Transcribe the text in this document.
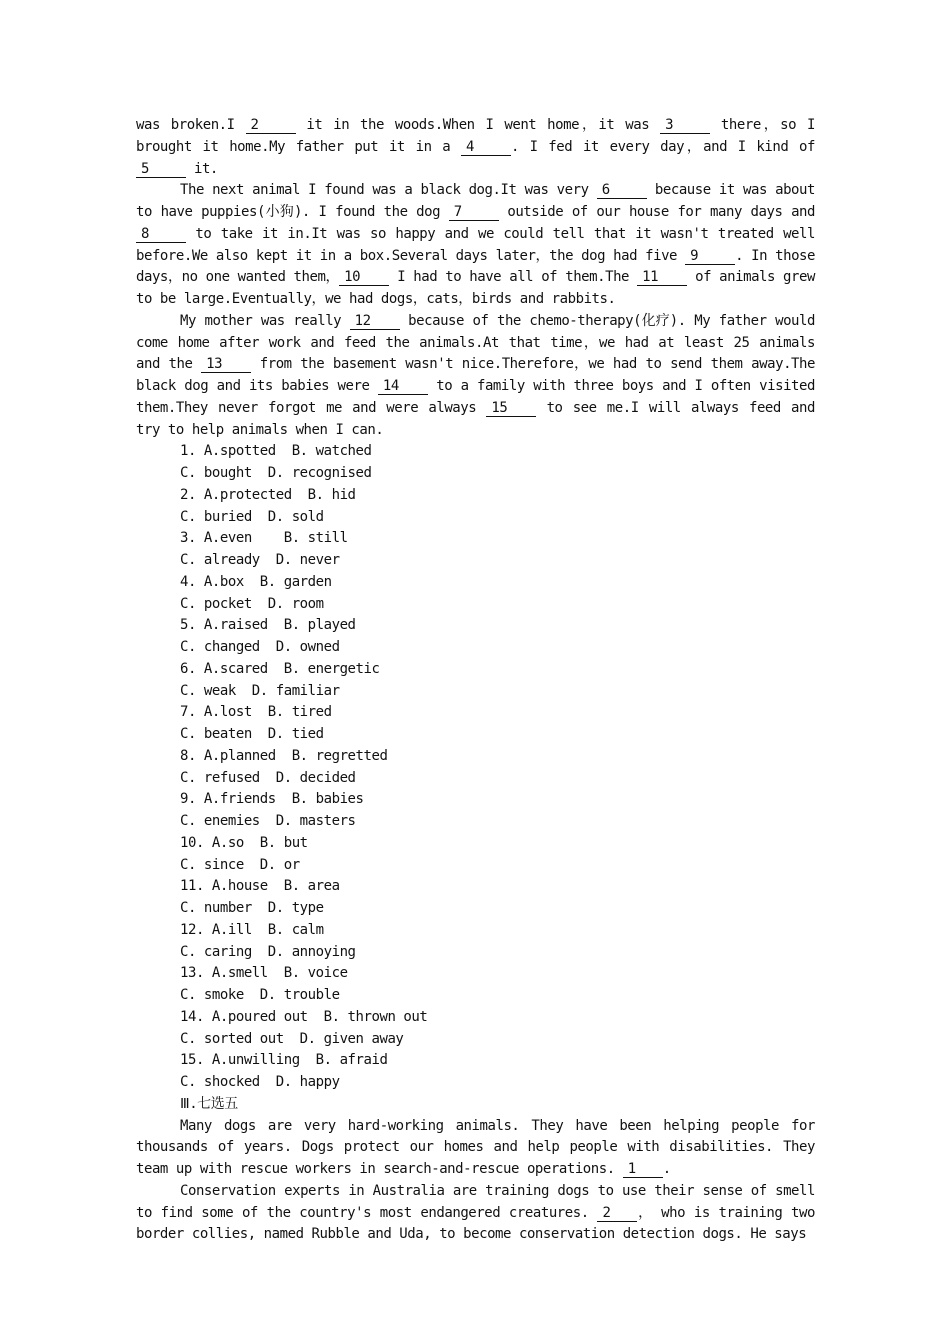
was broken.I 2	it in the woods.When I went home，it was 3	there，so I brought it home.My father put it in a 4	. I fed it every day，and I kind of 5	it.

The next animal I found was a black dog.It was very 6	because it was about to have puppies(小狗). I found the dog 7	outside of our house for many days and 8	to take it in.It was so happy and we could tell that it wasn't treated well before.We also kept it in a box.Several days later，the dog had five 9	. In those days，no one wanted them， 10 I had to have all of them.The 11 of animals grew to be large.Eventually，we had dogs，cats，birds and rabbits.

My mother was really 12 because of the chemo-therapy(化疗). My father would come home after work and feed the animals.At that time，we had at least 25 animals and the 13 from the basement wasn't nice.Therefore，we had to send them away.The black dog and its babies were 14 to a family with three boys and I often visited them.They never forgot me and were always 15 to see me.I will always feed and try to help animals when I can.

1. A.spotted  B. watched

C. bought  D. recognised

2. A.protected  B. hid

C. buried  D. sold

3. A.even    B. still

C. already  D. never

4. A.box  B. garden

C. pocket  D. room

5. A.raised  B. played

C. changed  D. owned

6. A.scared  B. energetic

C. weak  D. familiar

7. A.lost  B. tired

C. beaten  D. tied

8. A.planned  B. regretted

C. refused  D. decided

9. A.friends  B. babies

C. enemies  D. masters

10. A.so  B. but

C. since  D. or

11. A.house  B. area

C. number  D. type

12. A.ill  B. calm

C. caring  D. annoying

13. A.smell  B. voice

C. smoke  D. trouble

14. A.poured out  B. thrown out

C. sorted out  D. given away

15. A.unwilling  B. afraid

C. shocked  D. happy

Ⅲ.七选五

Many dogs are very hard-working animals. They have been helping people for thousands of years. Dogs protect our homes and help people with disabilities. They team up with rescue workers in search-and-rescue operations. 1 .

Conservation experts in Australia are training dogs to use their sense of smell to find some of the country's most endangered creatures. 2 ， who is training two border collies, named Rubble and Uda, to become conservation detection dogs. He says
